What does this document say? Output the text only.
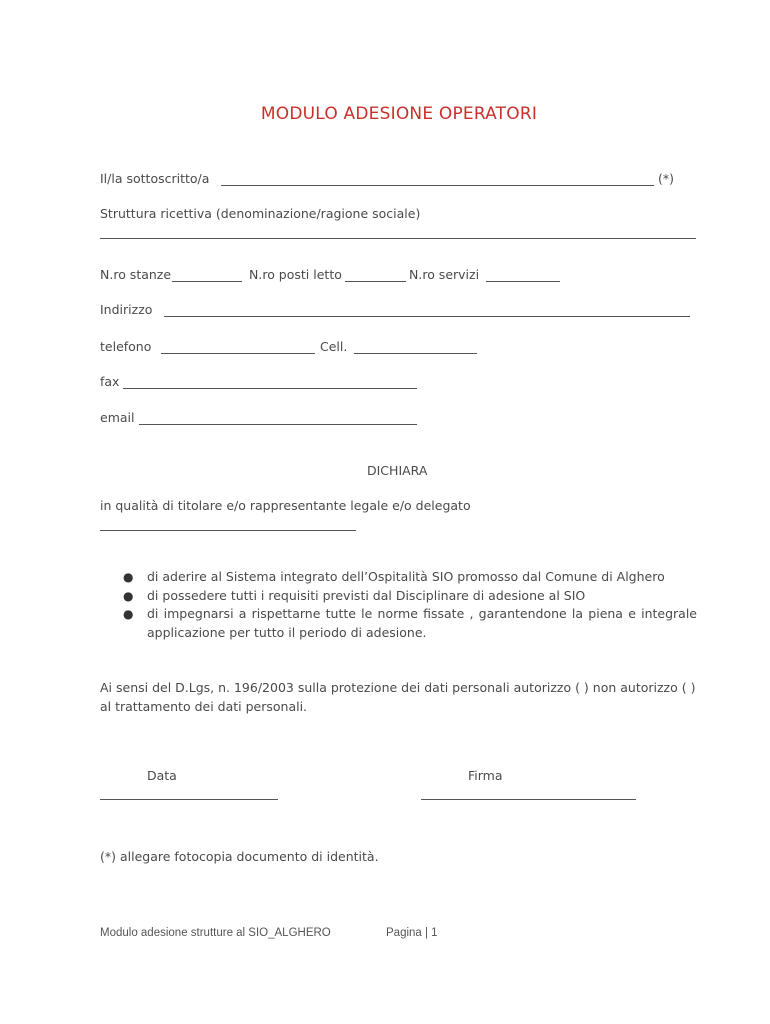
MODULO ADESIONE OPERATORI
Il/la sottoscritto/a	(*)
Struttura ricettiva (denominazione/ragione sociale)
N.ro stanze	N.ro posti letto	N.ro servizi
Indirizzo
telefono	Cell.
fax
email
DICHIARA
in qualità di titolare e/o rappresentante legale e/o delegato
● di aderire al Sistema integrato dell’Ospitalità SIO promosso dal Comune di Alghero
● di possedere tutti i requisiti previsti dal Disciplinare di adesione al SIO
● di impegnarsi a rispettarne tutte le norme fissate , garantendone la piena e integrale applicazione per tutto il periodo di adesione.
Ai sensi del D.Lgs, n. 196/2003 sulla protezione dei dati personali autorizzo ( ) non autorizzo ( ) al trattamento dei dati personali.
Data	Firma
(*) allegare fotocopia documento di identità.
Modulo adesione strutture al SIO_ALGHERO	Pagina | 1
